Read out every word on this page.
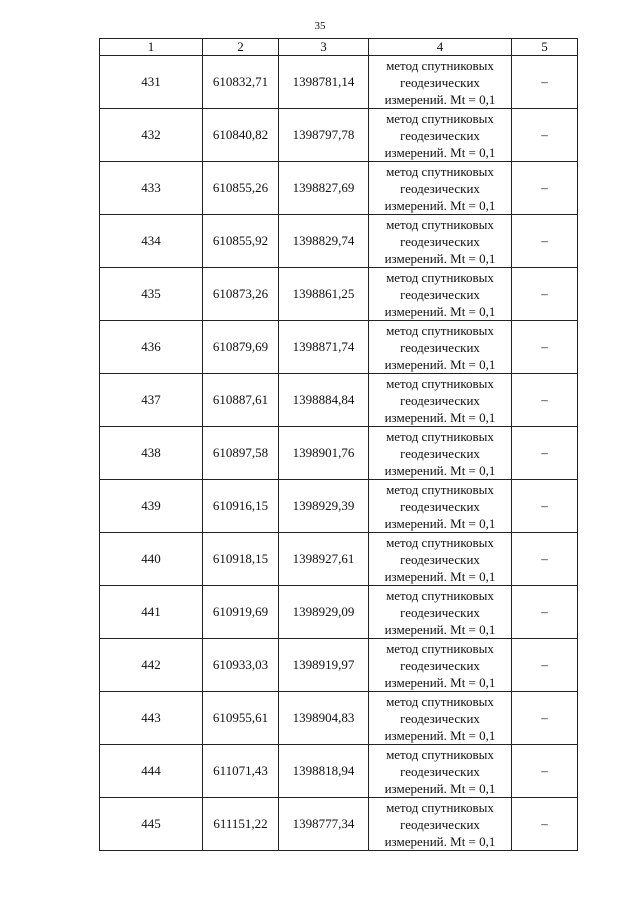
35
1	2	3	4	5
431	610832,71	1398781,14	метод спутниковых
геодезических
измерений. Mt = 0,1	–
432	610840,82	1398797,78	метод спутниковых
геодезических
измерений. Mt = 0,1	–
433	610855,26	1398827,69	метод спутниковых
геодезических
измерений. Mt = 0,1	–
434	610855,92	1398829,74	метод спутниковых
геодезических
измерений. Mt = 0,1	–
435	610873,26	1398861,25	метод спутниковых
геодезических
измерений. Mt = 0,1	–
436	610879,69	1398871,74	метод спутниковых
геодезических
измерений. Mt = 0,1	–
437	610887,61	1398884,84	метод спутниковых
геодезических
измерений. Mt = 0,1	–
438	610897,58	1398901,76	метод спутниковых
геодезических
измерений. Mt = 0,1	–
439	610916,15	1398929,39	метод спутниковых
геодезических
измерений. Mt = 0,1	–
440	610918,15	1398927,61	метод спутниковых
геодезических
измерений. Mt = 0,1	–
441	610919,69	1398929,09	метод спутниковых
геодезических
измерений. Mt = 0,1	–
442	610933,03	1398919,97	метод спутниковых
геодезических
измерений. Mt = 0,1	–
443	610955,61	1398904,83	метод спутниковых
геодезических
измерений. Mt = 0,1	–
444	611071,43	1398818,94	метод спутниковых
геодезических
измерений. Mt = 0,1	–
445	611151,22	1398777,34	метод спутниковых
геодезических
измерений. Mt = 0,1	–
